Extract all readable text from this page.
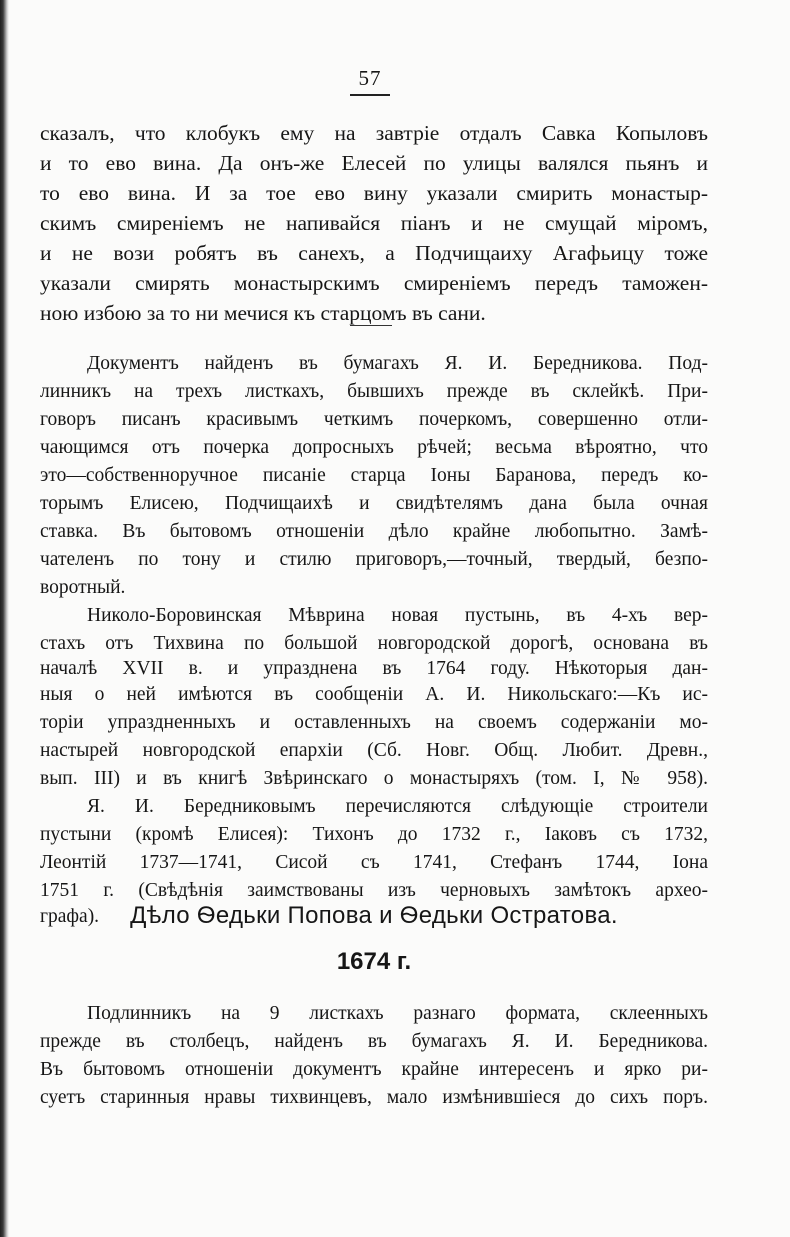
57
сказалъ, что клобукъ ему на завтріе отдалъ Савка Копыловъ
и то ево вина. Да онъ-же Елесей по улицы валялся пьянъ и
то ево вина. И за тое ево вину указали смирить монастыр-
скимъ смиреніемъ не напивайся піанъ и не смущай міромъ,
и не вози робятъ въ санехъ, а Подчищаиху Агафьицу тоже
указали смирять монастырскимъ смиреніемъ передъ таможен-
ною избою за то ни мечися къ старцомъ въ сани.
Документъ найденъ въ бумагахъ Я. И. Бередникова. Под-
линникъ на трехъ листкахъ, бывшихъ прежде въ склейкѣ. При-
говоръ писанъ красивымъ четкимъ почеркомъ, совершенно отли-
чающимся отъ почерка допросныхъ рѣчей; весьма вѣроятно, что
это—собственноручное писаніе старца Іоны Баранова, передъ ко-
торымъ Елисею, Подчищаихѣ и свидѣтелямъ дана была очная
ставка. Въ бытовомъ отношеніи дѣло крайне любопытно. Замѣ-
чателенъ по тону и стилю приговоръ,—точный, твердый, безпо-
воротный.
Николо-Боровинская Мѣврина новая пустынь, въ 4-хъ вер-
стахъ отъ Тихвина по большой новгородской дорогѣ, основана въ
началѣ XVII в. и упразднена въ 1764 году. Нѣкоторыя дан-
ныя о ней имѣются въ сообщеніи А. И. Никольскаго:—Къ ис-
торіи упраздненныхъ и оставленныхъ на своемъ содержаніи мо-
настырей новгородской епархіи (Сб. Новг. Общ. Любит. Древн.,
вып. III) и въ книгѣ Звѣринскаго о монастыряхъ (том. I, № 958).
Я. И. Бередниковымъ перечисляются слѣдующіе строители
пустыни (кромѣ Елисея): Тихонъ до 1732 г., Іаковъ съ 1732,
Леонтій 1737—1741, Сисой съ 1741, Стефанъ 1744, Іона
Дѣло Ѳедьки Попова и Ѳедьки Остратова.
1674 г.
Подлинникъ на 9 листкахъ разнаго формата, склеенныхъ
прежде въ столбецъ, найденъ въ бумагахъ Я. И. Бередникова.
Въ бытовомъ отношеніи документъ крайне интересенъ и ярко ри-
суетъ старинныя нравы тихвинцевъ, мало измѣнившіеся до сихъ поръ.
1751 г. (Свѣдѣнія заимствованы изъ черновыхъ замѣтокъ архео-
графа).
